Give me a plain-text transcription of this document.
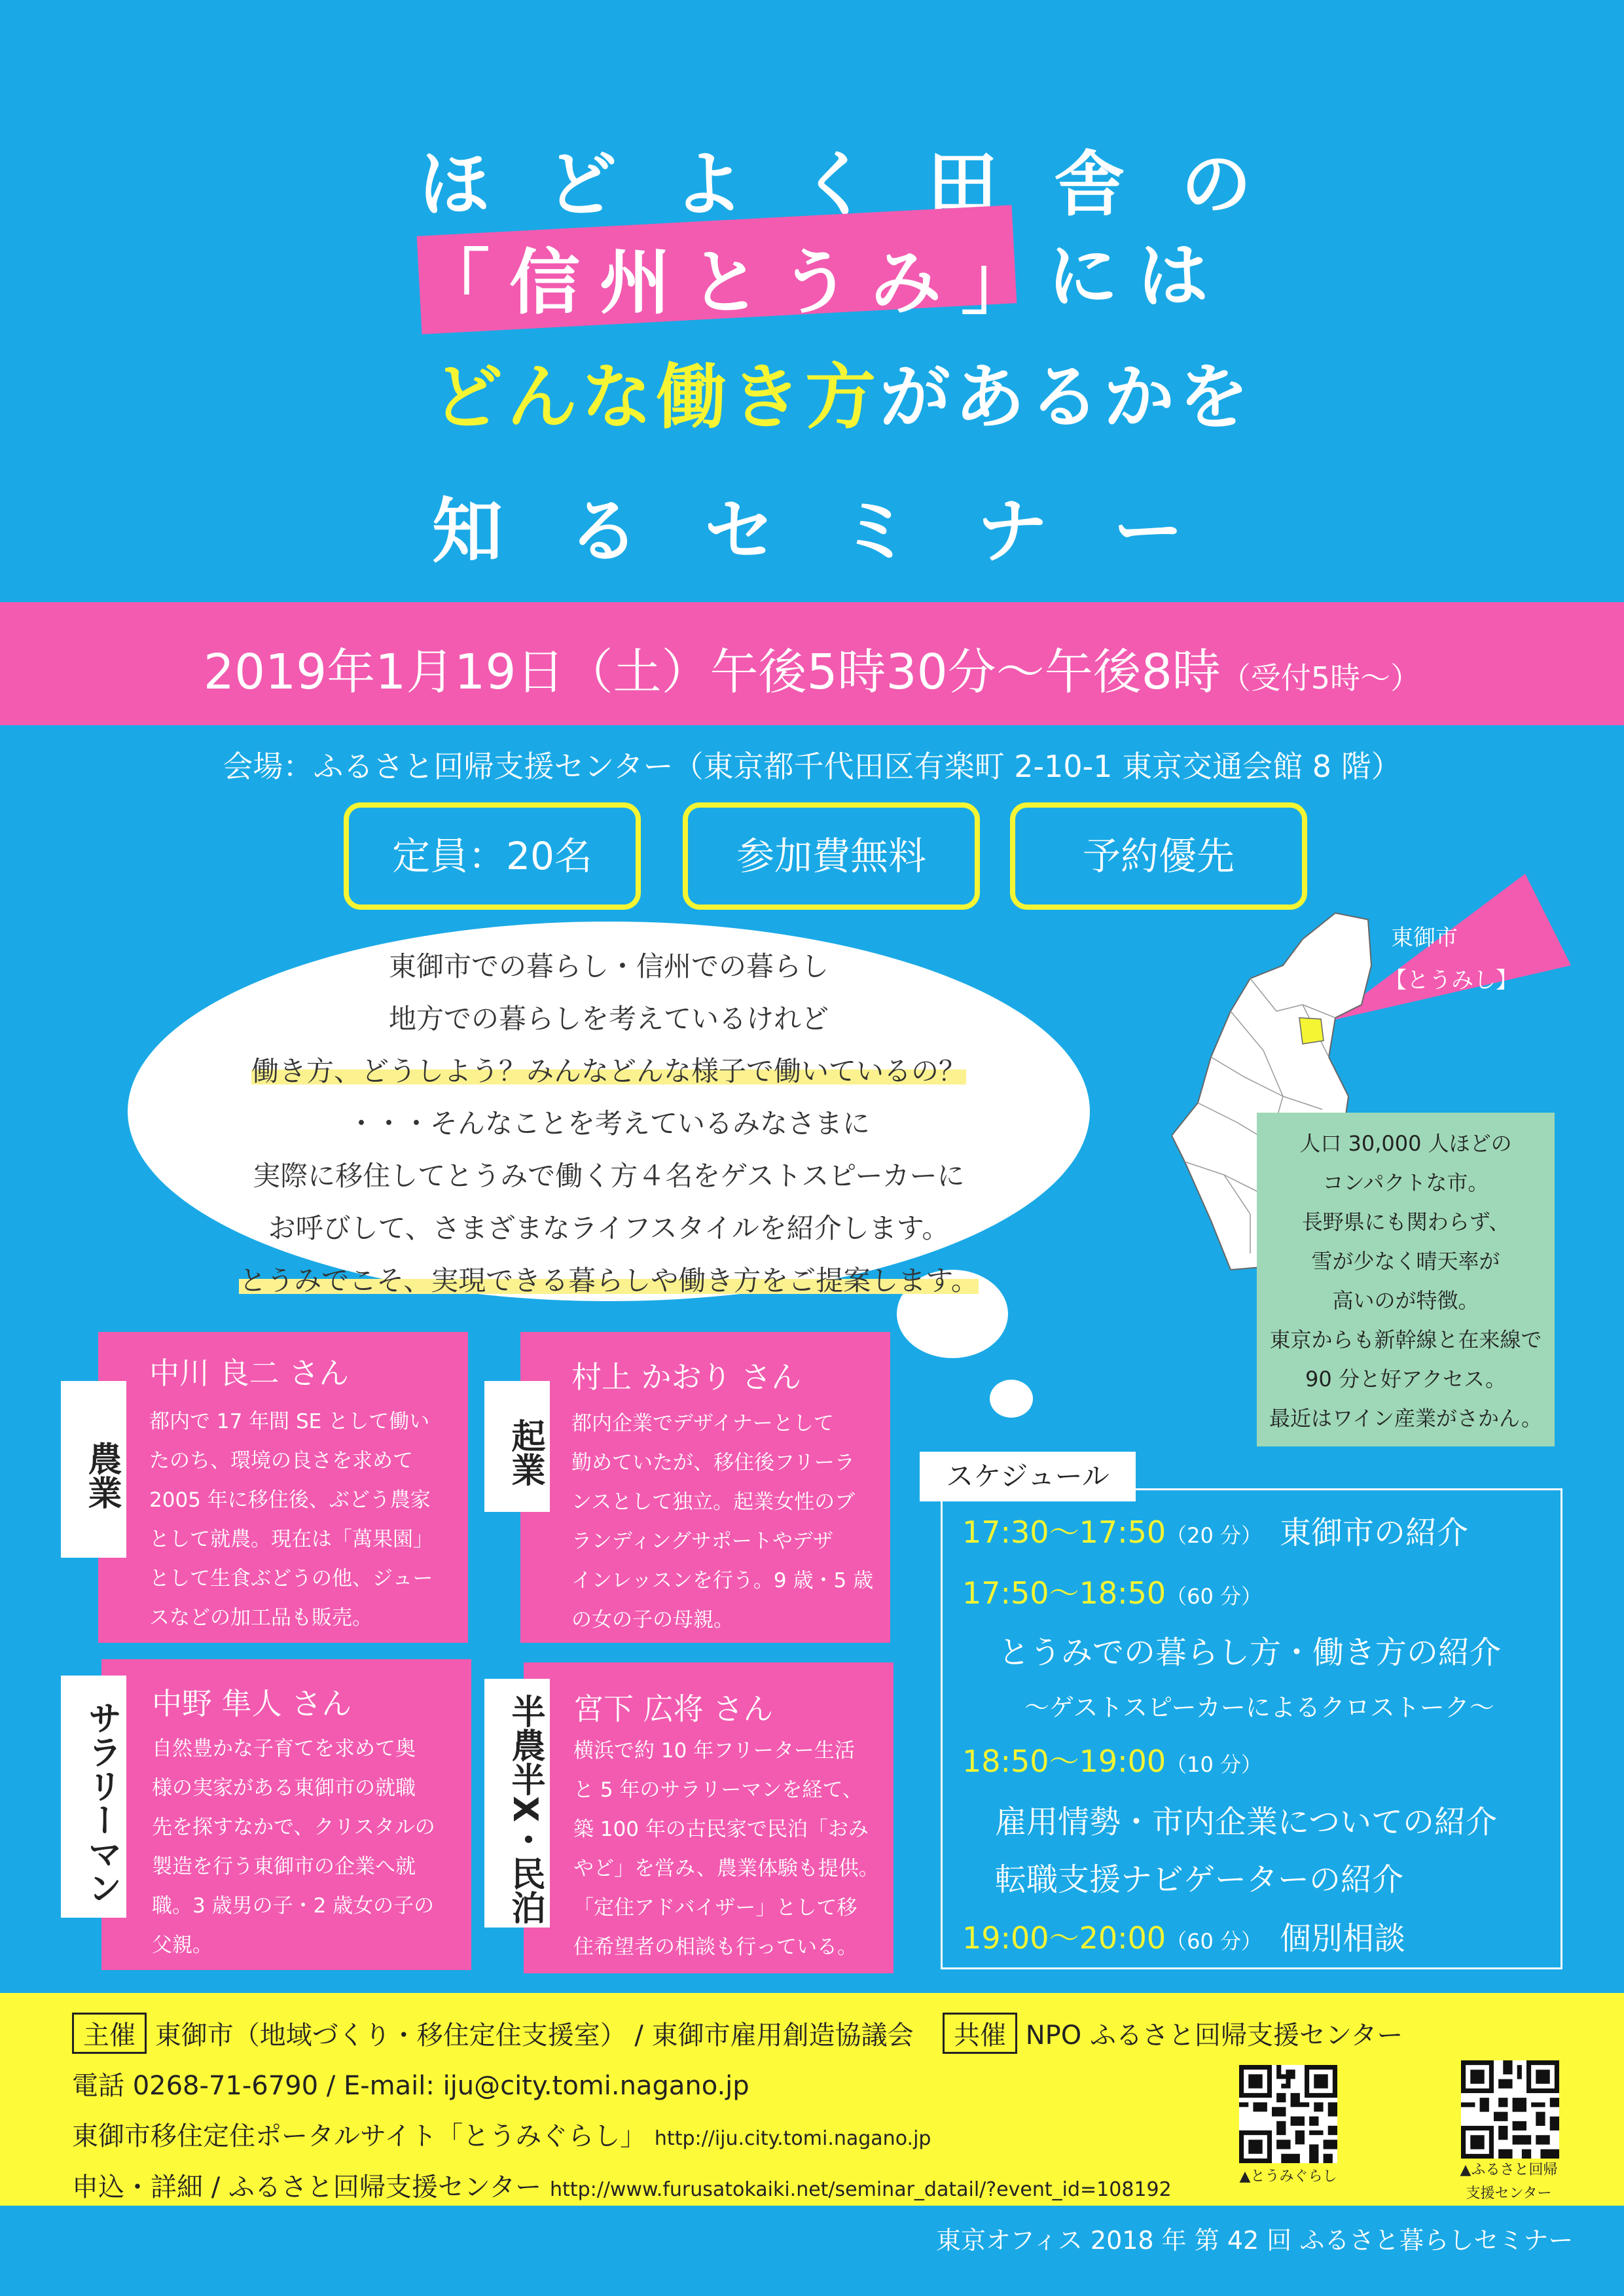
ほどよく田舎の
「信州とうみ」
には
どんな働き方があるかを
知るセミナー
2019年1月19日（土）午後5時30分〜午後8時（受付5時〜）
会場：ふるさと回帰支援センター（東京都千代田区有楽町 2-10-1 東京交通会館 8 階）
定員：20名	参加費無料	予約優先
東御市での暮らし・信州での暮らし
地方での暮らしを考えているけれど
働き方、どうしよう？みんなどんな様子で働いているの？
・・・そんなことを考えているみなさまに
実際に移住してとうみで働く方４名をゲストスピーカーに
お呼びして、さまざまなライフスタイルを紹介します。
とうみでこそ、実現できる暮らしや働き方をご提案します。
東御市
【とうみし】
人口 30,000 人ほどの
コンパクトな市。
長野県にも関わらず、
雪が少なく晴天率が
高いのが特徴。
東京からも新幹線と在来線で
90 分と好アクセス。
最近はワイン産業がさかん。
農業
中川 良二 さん
都内で 17 年間 SE として働い
たのち、環境の良さを求めて
2005 年に移住後、ぶどう農家
として就農。現在は「萬果園」
として生食ぶどうの他、ジュー
スなどの加工品も販売。
起業
村上 かおり さん
都内企業でデザイナーとして
勤めていたが、移住後フリーラ
ンスとして独立。起業女性のブ
ランディングサポートやデザ
インレッスンを行う。9 歳・5 歳
の女の子の母親。
サラリーマン 中野 隼人 さん
自然豊かな子育てを求めて奥
様の実家がある東御市の就職
先を探すなかで、クリスタルの
製造を行う東御市の企業へ就
職。3 歳男の子・2 歳女の子の
父親。
半農半X・民泊 宮下 広将 さん
横浜で約 10 年フリーター生活
と 5 年のサラリーマンを経て、
築 100 年の古民家で民泊「おみ
やど」を営み、農業体験も提供。
「定住アドバイザー」として移
住希望者の相談も行っている。
スケジュール
17:30〜17:50（20 分） 東御市の紹介
17:50〜18:50（60 分）
とうみでの暮らし方・働き方の紹介
〜ゲストスピーカーによるクロストーク〜
18:50〜19:00（10 分）
雇用情勢・市内企業についての紹介
転職支援ナビゲーターの紹介
19:00〜20:00（60 分） 個別相談
主催 東御市（地域づくり・移住定住支援室） / 東御市雇用創造協議会	共催 NPO ふるさと回帰支援センター
電話 0268-71-6790 / E-mail: iju@city.tomi.nagano.jp
東御市移住定住ポータルサイト「とうみぐらし」 http://iju.city.tomi.nagano.jp
申込・詳細 / ふるさと回帰支援センター http://www.furusatokaiki.net/seminar_datail/?event_id=108192
▲とうみぐらし	▲ふるさと回帰
支援センター
東京オフィス 2018 年 第 42 回 ふるさと暮らしセミナー
